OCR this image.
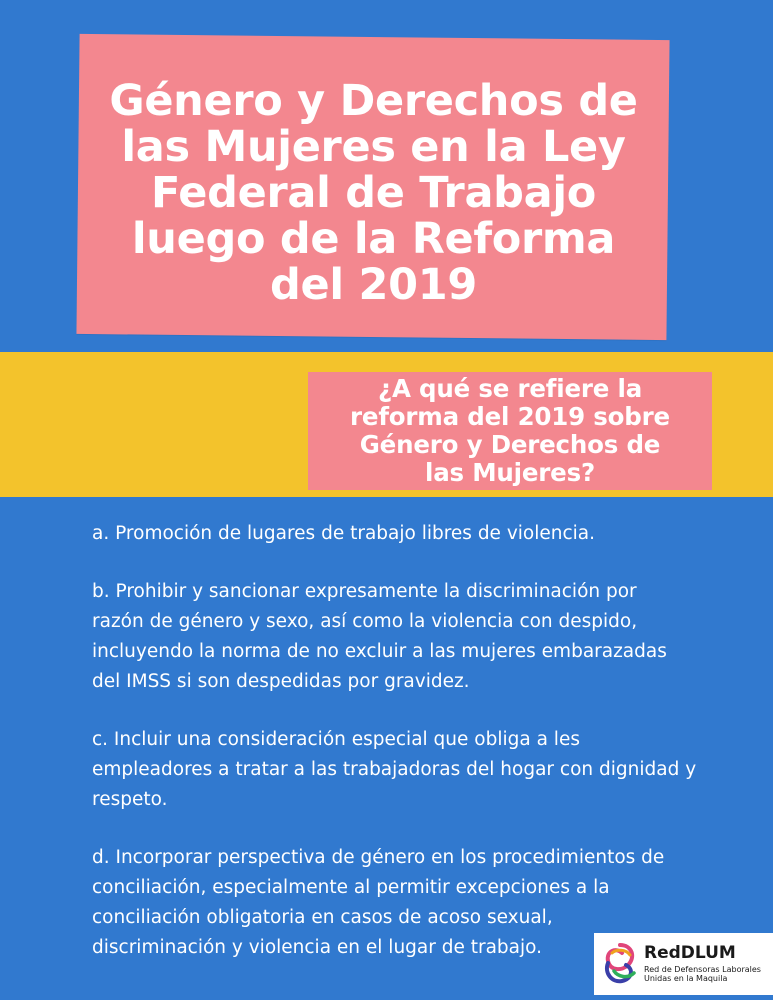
Género y Derechos de
las Mujeres en la Ley
Federal de Trabajo
luego de la Reforma
del 2019
¿A qué se refiere la
reforma del 2019 sobre
Género y Derechos de
las Mujeres?

a. Promoción de lugares de trabajo libres de violencia.

b. Prohibir y sancionar expresamente la discriminación por
razón de género y sexo, así como la violencia con despido,
incluyendo la norma de no excluir a las mujeres embarazadas
del IMSS si son despedidas por gravidez.

c. Incluir una consideración especial que obliga a les
empleadores a tratar a las trabajadoras del hogar con dignidad y
respeto.

d. Incorporar perspectiva de género en los procedimientos de
conciliación, especialmente al permitir excepciones a la
conciliación obligatoria en casos de acoso sexual,
discriminación y violencia en el lugar de trabajo.	RedDLUM

Red de Defensoras Laborales
Unidas en la Maquila
